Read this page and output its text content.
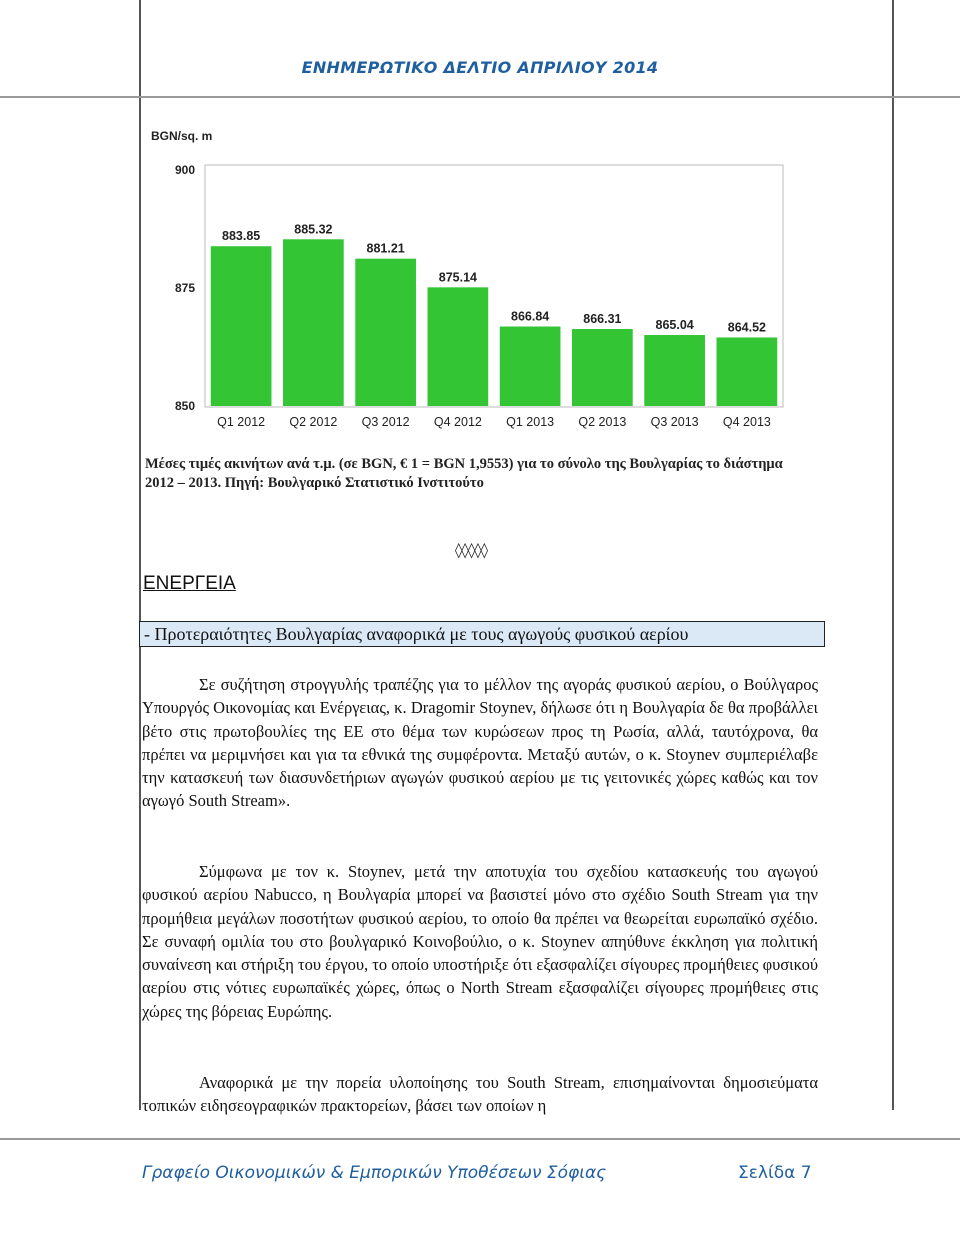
ΕΝΗΜΕΡΩΤΙΚΟ ΔΕΛΤΙΟ ΑΠΡΙΛΙΟΥ 2014
BGN/sq. m
850
875
900
883.85	885.32
881.21
875.14
866.84	866.31	865.04	864.52
Q1 2012 Q2 2012 Q3 2012 Q4 2012 Q1 2013 Q2 2013 Q3 2013 Q4 2013
Μέσες τιμές ακινήτων ανά τ.μ. (σε BGN, € 1 = BGN 1,9553) για το σύνολο της Βουλγαρίας το διάστημα 2012 – 2013. Πηγή: Βουλγαρικό Στατιστικό Ινστιτούτο
◊◊◊◊◊
ΕΝΕΡΓΕΙΑ
- Προτεραιότητες Βουλγαρίας αναφορικά με τους αγωγούς φυσικού αερίου
Σε συζήτηση στρογγυλής τραπέζης για το μέλλον της αγοράς φυσικού αερίου, ο Βούλγαρος Υπουργός Οικονομίας και Ενέργειας, κ. Dragomir Stoynev, δήλωσε ότι η Βουλγαρία δε θα προβάλλει βέτο στις πρωτοβουλίες της ΕΕ στο θέμα των κυρώσεων προς τη Ρωσία, αλλά, ταυτόχρονα, θα πρέπει να μεριμνήσει και για τα εθνικά της συμφέροντα. Μεταξύ αυτών, ο κ. Stoynev συμπεριέλαβε την κατασκευή των διασυνδετήριων αγωγών φυσικού αερίου με τις γειτονικές χώρες καθώς και τον αγωγό South Stream».
Σύμφωνα με τον κ. Stoynev, μετά την αποτυχία του σχεδίου κατασκευής του αγωγού φυσικού αερίου Nabucco, η Βουλγαρία μπορεί να βασιστεί μόνο στο σχέδιο South Stream για την προμήθεια μεγάλων ποσοτήτων φυσικού αερίου, το οποίο θα πρέπει να θεωρείται ευρωπαϊκό σχέδιο. Σε συναφή ομιλία του στο βουλγαρικό Κοινοβούλιο, ο κ. Stoynev απηύθυνε έκκληση για πολιτική συναίνεση και στήριξη του έργου, το οποίο υποστήριξε ότι εξασφαλίζει σίγουρες προμήθειες φυσικού αερίου στις νότιες ευρωπαϊκές χώρες, όπως ο North Stream εξασφαλίζει σίγουρες προμήθειες στις χώρες της βόρειας Ευρώπης.
Αναφορικά με την πορεία υλοποίησης του South Stream, επισημαίνονται δημοσιεύματα τοπικών ειδησεογραφικών πρακτορείων, βάσει των οποίων η
Γραφείο Οικονομικών & Εμπορικών Υποθέσεων Σόφιας	Σελίδα 7
